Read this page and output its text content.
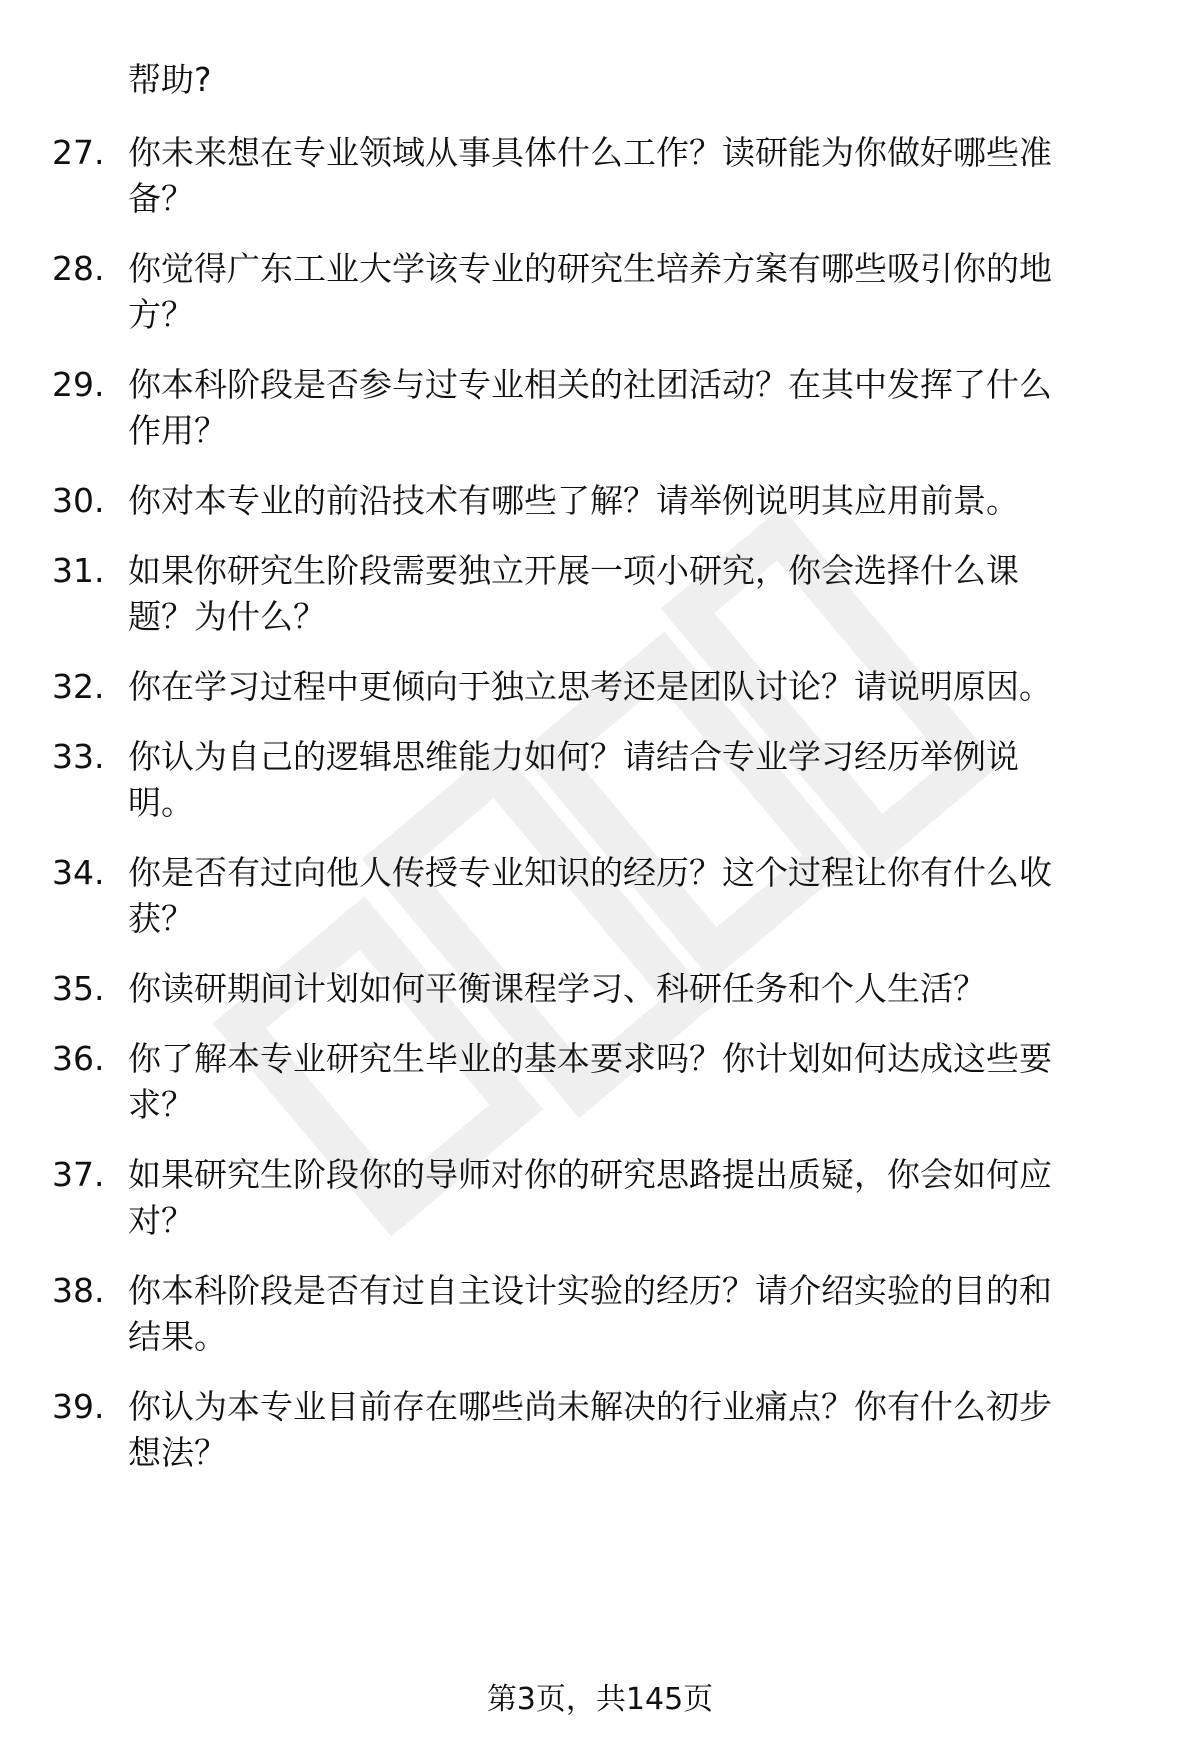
帮助?
27. 你未来想在专业领域从事具体什么工作？读研能为你做好哪些准
备？
28. 你觉得广东工业大学该专业的研究生培养方案有哪些吸引你的地
方？
29. 你本科阶段是否参与过专业相关的社团活动？在其中发挥了什么
作用？
30. 你对本专业的前沿技术有哪些了解？请举例说明其应用前景。
31. 如果你研究生阶段需要独立开展一项小研究，你会选择什么课
题？为什么？
32. 你在学习过程中更倾向于独立思考还是团队讨论？请说明原因。
33. 你认为自己的逻辑思维能力如何？请结合专业学习经历举例说
明。
34. 你是否有过向他人传授专业知识的经历？这个过程让你有什么收
获？
35. 你读研期间计划如何平衡课程学习、科研任务和个人生活？
36. 你了解本专业研究生毕业的基本要求吗？你计划如何达成这些要
求？
37. 如果研究生阶段你的导师对你的研究思路提出质疑，你会如何应
对？
38. 你本科阶段是否有过自主设计实验的经历？请介绍实验的目的和
结果。
39. 你认为本专业目前存在哪些尚未解决的行业痛点？你有什么初步
想法？
第3页，共145页
